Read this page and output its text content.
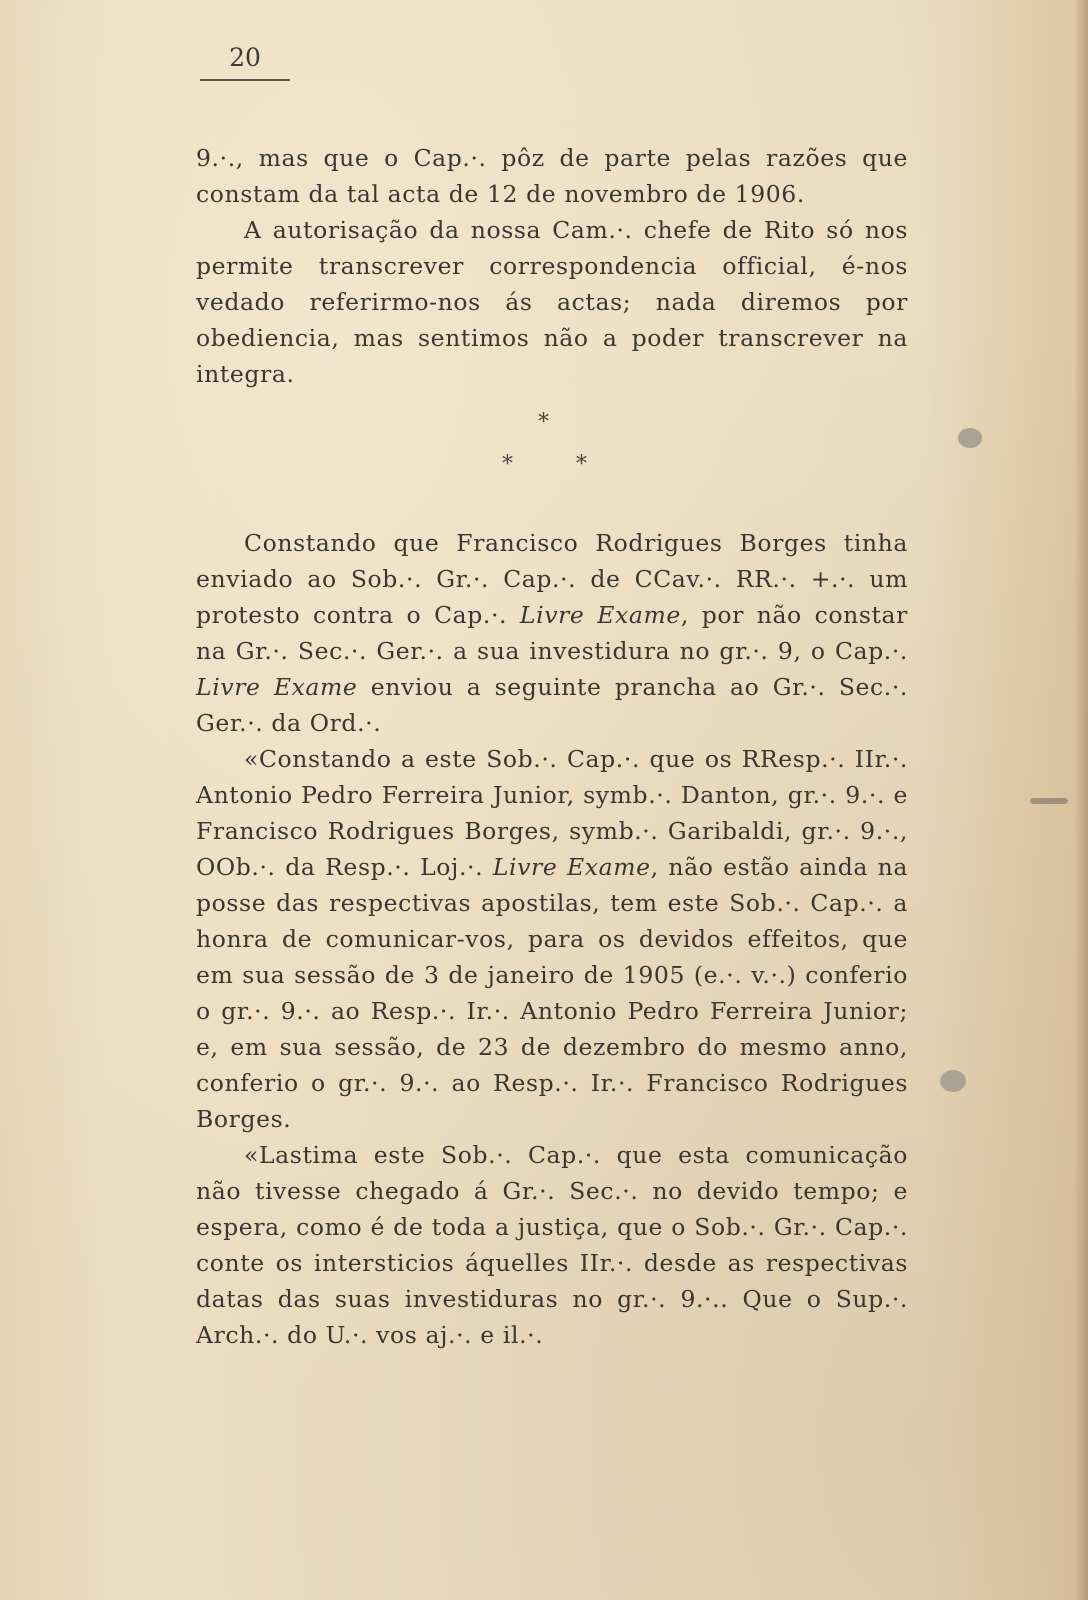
20

9.·., mas que o Cap.·. pôz de parte pelas razões que constam da tal acta de 12 de novembro de 1906.

A autorisação da nossa Cam.·. chefe de Rito só nos permite transcrever correspondencia official, é-nos vedado referirmo-nos ás actas; nada diremos por obediencia, mas sentimos não a poder transcrever na integra.

*
*	*

Constando que Francisco Rodrigues Borges tinha enviado ao Sob.·. Gr.·. Cap.·. de CCav.·. RR.·. +.·. um protesto contra o Cap.·. Livre Exame, por não constar na Gr.·. Sec.·. Ger.·. a sua investidura no gr.·. 9, o Cap.·. Livre Exame enviou a seguinte prancha ao Gr.·. Sec.·. Ger.·. da Ord.·.

«Constando a este Sob.·. Cap.·. que os RResp.·. IIr.·. Antonio Pedro Ferreira Junior, symb.·. Danton, gr.·. 9.·. e Francisco Rodrigues Borges, symb.·. Garibaldi, gr.·. 9.·., OOb.·. da Resp.·. Loj.·. Livre Exame, não estão ainda na posse das respectivas apostilas, tem este Sob.·. Cap.·. a honra de comunicar-vos, para os devidos effeitos, que em sua sessão de 3 de janeiro de 1905 (e.·. v.·.) conferio o gr.·. 9.·. ao Resp.·. Ir.·. Antonio Pedro Ferreira Junior; e, em sua sessão, de 23 de dezembro do mesmo anno, conferio o gr.·. 9.·. ao Resp.·. Ir.·. Francisco Rodrigues Borges.

«Lastima este Sob.·. Cap.·. que esta comunicação não tivesse chegado á Gr.·. Sec.·. no devido tempo; e espera, como é de toda a justiça, que o Sob.·. Gr.·. Cap.·. conte os intersticios áquelles IIr.·. desde as respectivas datas das suas investiduras no gr.·. 9.·.. Que o Sup.·. Arch.·. do U.·. vos aj.·. e il.·.
